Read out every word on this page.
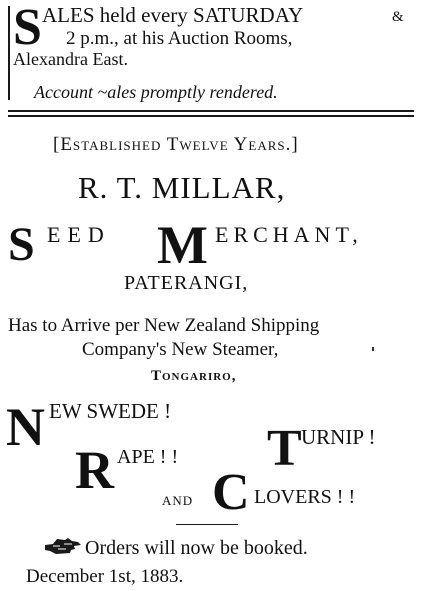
S ALES held every SATURDAY	&
2 p.m., at his Auction Rooms,
Alexandra East.
Account ~ales promptly rendered.
[Established Twelve Years.]
R. T. MILLAR,
S EED M ERCHANT,
PATERANGI,
Has to Arrive per New Zealand Shipping
Company's New Steamer,
Tongariro,
N EW SWEDE !
T URNIP !
R APE ! !
AND C LOVERS ! !
Orders will now be booked.
December 1st, 1883.
